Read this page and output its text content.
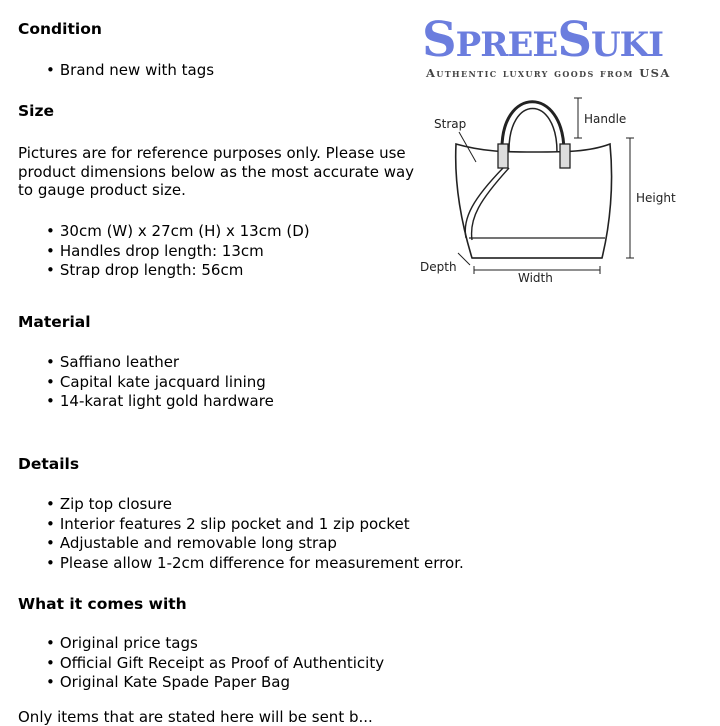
SpreeSuki
Authentic luxury goods from USA
Strap	Handle
Height
Depth
Width
Condition
• Brand new with tags
Size

Pictures are for reference purposes only. Please use product dimensions below as the most accurate way to gauge product size.

• 30cm (W) x 27cm (H) x 13cm (D)
• Handles drop length: 13cm
• Strap drop length: 56cm
Material
• Saffiano leather
• Capital kate jacquard lining
• 14-karat light gold hardware
Details
• Zip top closure
• Interior features 2 slip pocket and 1 zip pocket
• Adjustable and removable long strap
• Please allow 1-2cm difference for measurement error.
What it comes with
• Original price tags
• Official Gift Receipt as Proof of Authenticity
• Original Kate Spade Paper Bag
Only items that are stated here will be sent b...
